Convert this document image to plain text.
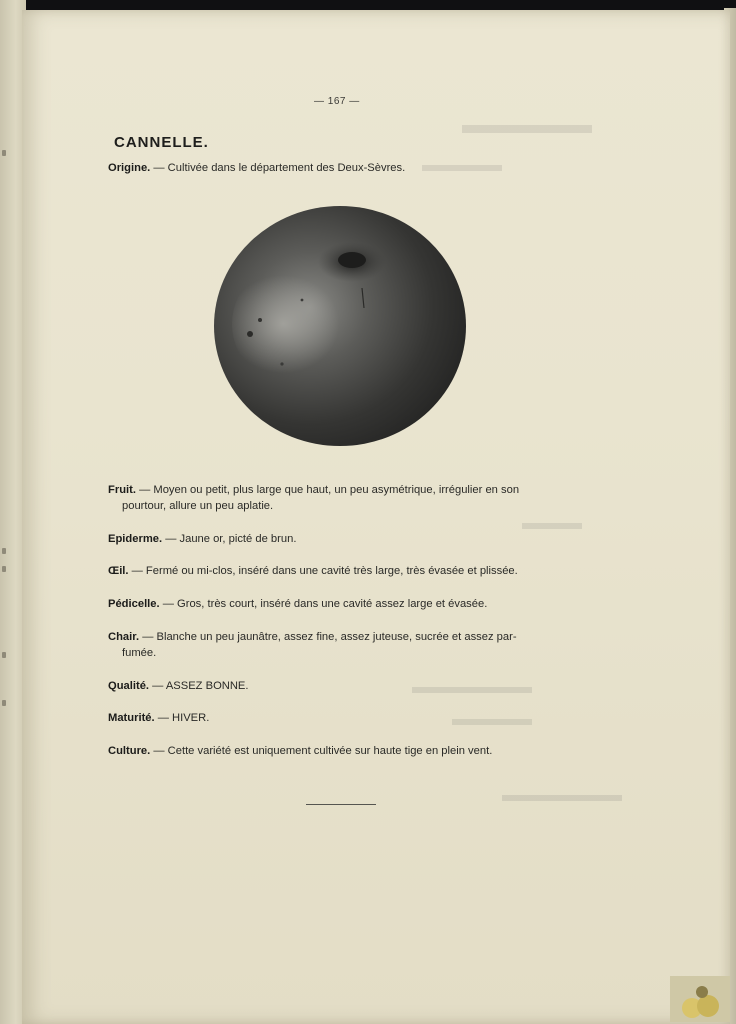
— 167 —
CANNELLE.
Origine. — Cultivée dans le département des Deux-Sèvres.
Fruit. — Moyen ou petit, plus large que haut, un peu asymétrique, irrégulier en son
pourtour, allure un peu aplatie.
Epiderme. — Jaune or, picté de brun.
Œil. — Fermé ou mi-clos, inséré dans une cavité très large, très évasée et plissée.
Pédicelle. — Gros, très court, inséré dans une cavité assez large et évasée.
Chair. — Blanche un peu jaunâtre, assez fine, assez juteuse, sucrée et assez par-
fumée.
Qualité. — ASSEZ BONNE.
Maturité. — HIVER.
Culture. — Cette variété est uniquement cultivée sur haute tige en plein vent.
